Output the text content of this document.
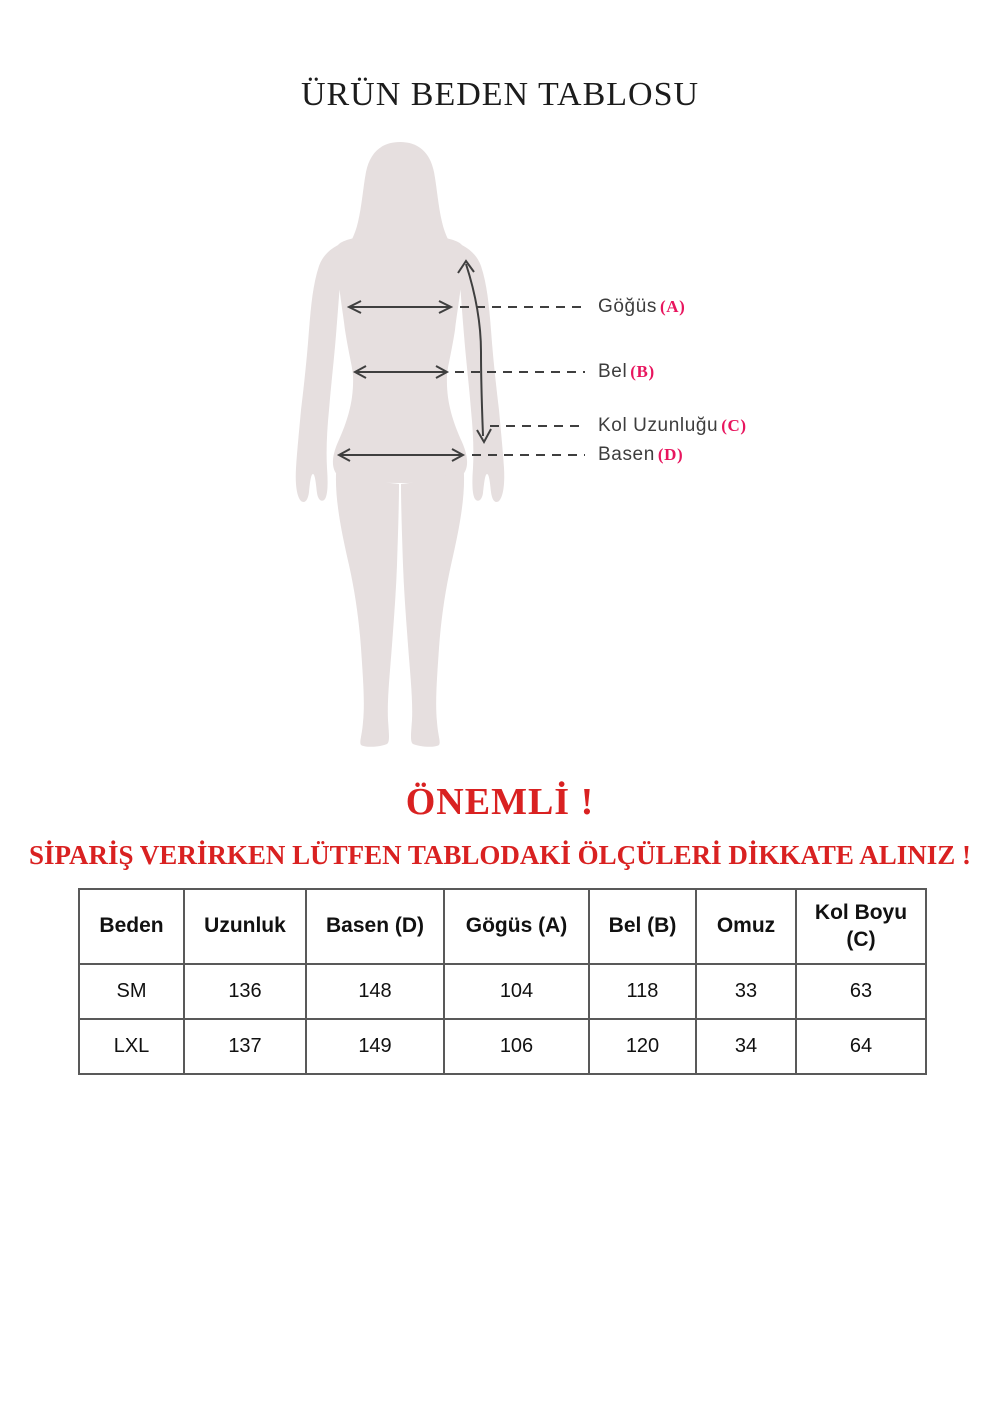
ÜRÜN BEDEN TABLOSU
Göğüs (A)
Bel (B)
Kol Uzunluğu (C)
Basen (D)
ÖNEMLİ !
SİPARİŞ VERİRKEN LÜTFEN TABLODAKİ ÖLÇÜLERİ DİKKATE ALINIZ !
Beden	Uzunluk	Basen (D)	Gögüs (A)	Bel (B)	Omuz	Kol Boyu (C)
SM	136	148	104	118	33	63
LXL	137	149	106	120	34	64
